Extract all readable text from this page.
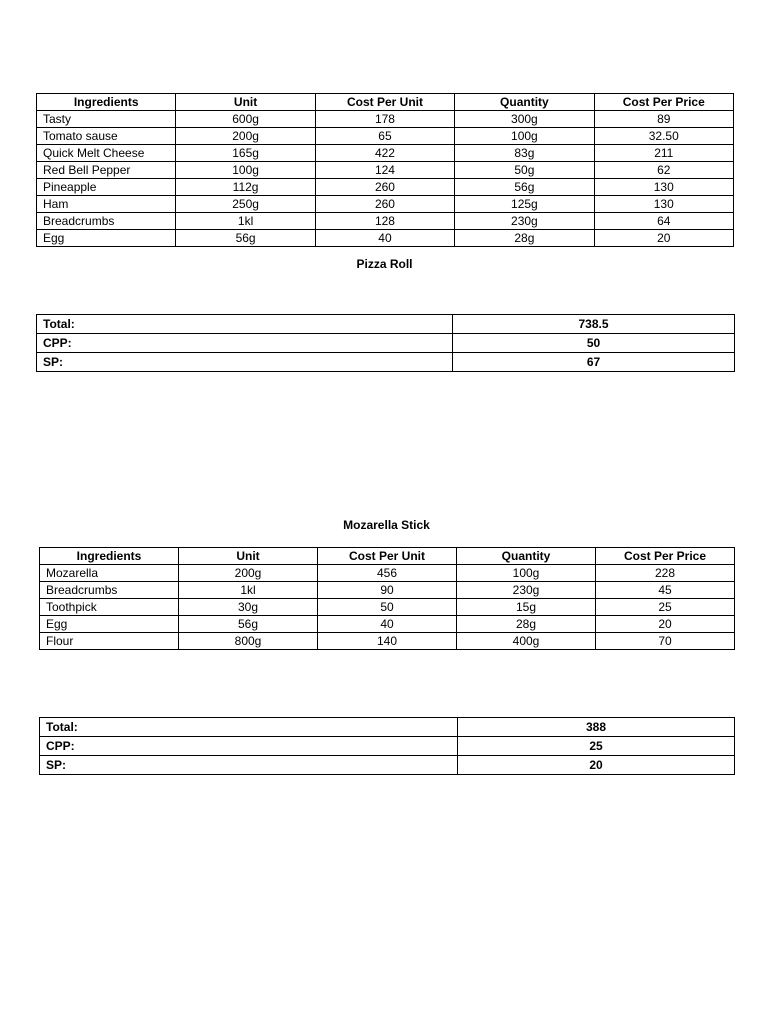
Ingredients	Unit	Cost Per Unit	Quantity	Cost Per Price
Tasty	600g	178	300g	89
Tomato sause	200g	65	100g	32.50
Quick Melt Cheese	165g	422	83g	211
Red Bell Pepper	100g	124	50g	62
Pineapple	112g	260	56g	130
Ham	250g	260	125g	130
Breadcrumbs	1kl	128	230g	64
Egg	56g	40	28g	20
Pizza Roll
Total:	738.5
CPP:	50
SP:	67
Mozarella Stick
Ingredients	Unit	Cost Per Unit	Quantity	Cost Per Price
Mozarella	200g	456	100g	228
Breadcrumbs	1kl	90	230g	45
Toothpick	30g	50	15g	25
Egg	56g	40	28g	20
Flour	800g	140	400g	70
Total:	388
CPP:	25
SP:	20
